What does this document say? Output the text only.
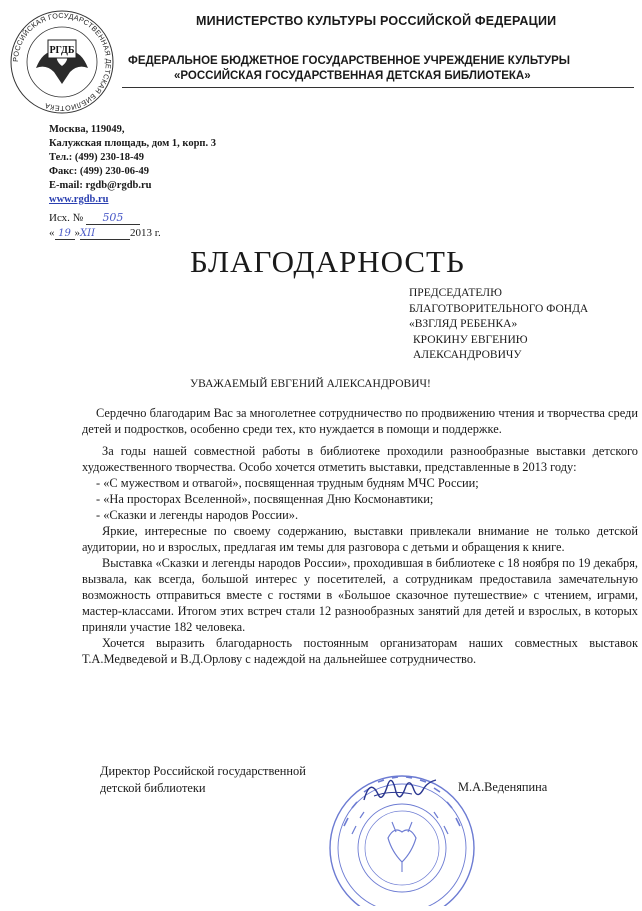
РОССИЙСКАЯ ГОСУДАРСТВЕННАЯ ДЕТСКАЯ БИБЛИОТЕКА
РГДБ
МИНИСТЕРСТВО КУЛЬТУРЫ РОССИЙСКОЙ ФЕДЕРАЦИИ
ФЕДЕРАЛЬНОЕ БЮДЖЕТНОЕ ГОСУДАРСТВЕННОЕ УЧРЕЖДЕНИЕ КУЛЬТУРЫ
«РОССИЙСКАЯ ГОСУДАРСТВЕННАЯ ДЕТСКАЯ БИБЛИОТЕКА»
Москва, 119049,
Калужская площадь, дом 1, корп. 3
Тел.: (499) 230-18-49
Факс: (499) 230-06-49
E-mail: rgdb@rgdb.ru
www.rgdb.ru
Исх. № 505
« 19 »XII	2013 г.
БЛАГОДАРНОСТЬ
ПРЕДСЕДАТЕЛЮ
БЛАГОТВОРИТЕЛЬНОГО ФОНДА
«ВЗГЛЯД РЕБЕНКА»
КРОКИНУ ЕВГЕНИЮ
АЛЕКСАНДРОВИЧУ
УВАЖАЕМЫЙ ЕВГЕНИЙ АЛЕКСАНДРОВИЧ!

Сердечно благодарим Вас за многолетнее сотрудничество по продвижению чтения и творчества среди детей и подростков, особенно среди тех, кто нуждается в помощи и поддержке.

За годы нашей совместной работы в библиотеке проходили разнообразные выставки детского художественного творчества. Особо хочется отметить выставки, представленные в 2013 году:

- «С мужеством и отвагой», посвященная трудным будням МЧС России;

- «На просторах Вселенной», посвященная Дню Космонавтики;

- «Сказки и легенды народов России».

Яркие, интересные по своему содержанию, выставки привлекали внимание не только детской аудитории, но и взрослых, предлагая им темы для разговора с детьми и обращения к книге.

Выставка «Сказки и легенды народов России», проходившая в библиотеке с 18 ноября по 19 декабря, вызвала, как всегда, большой интерес у посетителей, а сотрудникам предоставила замечательную возможность отправиться вместе с гостями в «Большое сказочное путешествие» с чтением, играми, мастер-классами. Итогом этих встреч стали 12 разнообразных занятий для детей и взрослых, в которых приняли участие 182 человека.

Хочется выразить благодарность постоянным организаторам наших совместных выставок Т.А.Медведевой и В.Д.Орлову с надеждой на дальнейшее сотрудничество.

Директор Российской государственной
детской библиотеки	М.А.Веденяпина
